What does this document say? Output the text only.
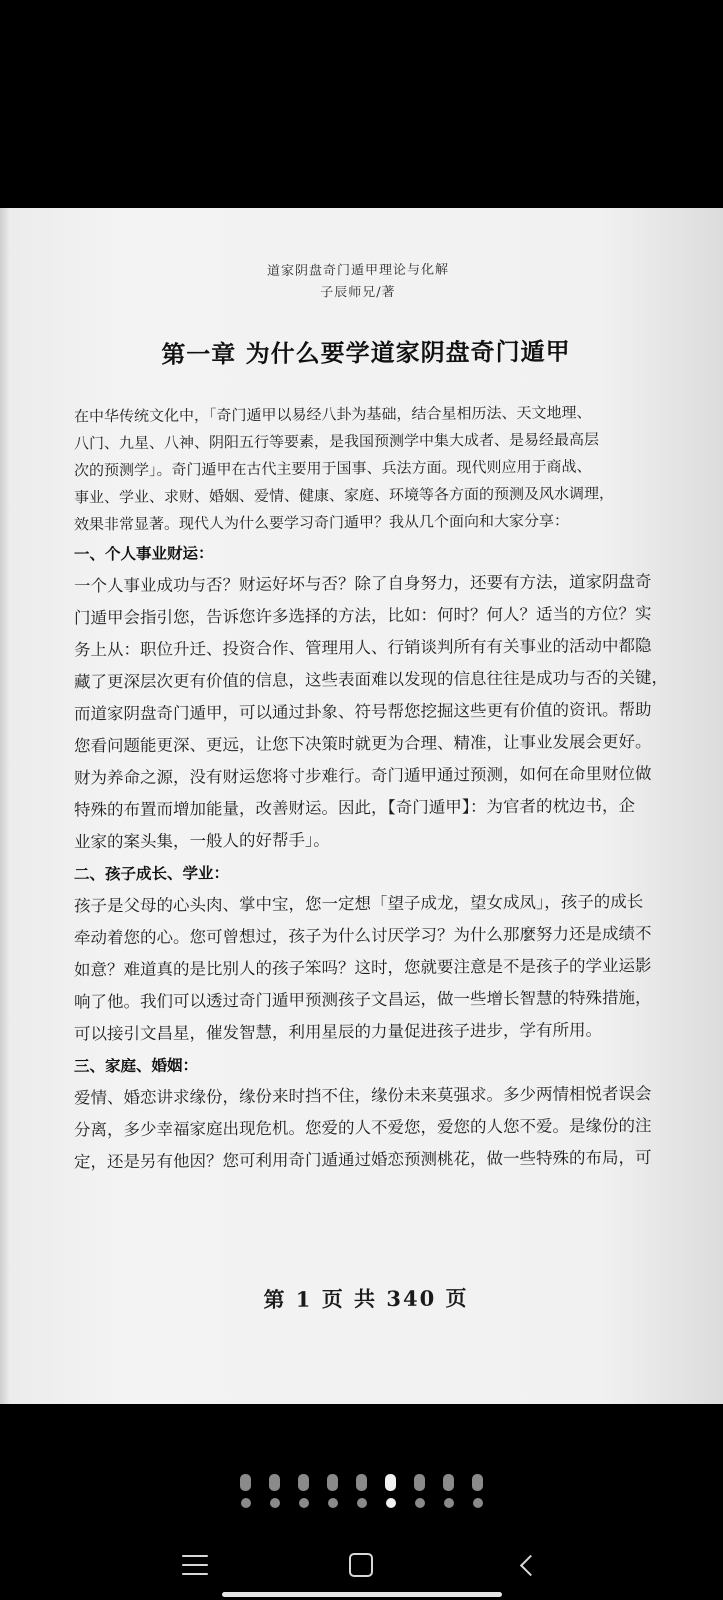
道家阴盘奇门遁甲理论与化解
子辰师兄/著
第一章 为什么要学道家阴盘奇门遁甲
在中华传统文化中，「奇门遁甲以易经八卦为基础，结合星相历法、天文地理、
八门、九星、八神、阴阳五行等要素，是我国预测学中集大成者、是易经最高层
次的预测学」。奇门遁甲在古代主要用于国事、兵法方面。现代则应用于商战、
事业、学业、求财、婚姻、爱情、健康、家庭、环境等各方面的预测及风水调理，
效果非常显著。现代人为什么要学习奇门遁甲？我从几个面向和大家分享：
一、个人事业财运：
一个人事业成功与否？财运好坏与否？除了自身努力，还要有方法，道家阴盘奇
门遁甲会指引您，告诉您许多选择的方法，比如：何时？何人？适当的方位？实
务上从：职位升迁、投资合作、管理用人、行销谈判所有有关事业的活动中都隐
藏了更深层次更有价值的信息，这些表面难以发现的信息往往是成功与否的关键，
而道家阴盘奇门遁甲，可以通过卦象、符号帮您挖掘这些更有价值的资讯。帮助
您看问题能更深、更远，让您下决策时就更为合理、精准，让事业发展会更好。
财为养命之源，没有财运您将寸步难行。奇门遁甲通过预测，如何在命里财位做
特殊的布置而增加能量，改善财运。因此，【奇门遁甲】：为官者的枕边书，企
业家的案头集，一般人的好帮手」。
二、孩子成长、学业：
孩子是父母的心头肉、掌中宝，您一定想「望子成龙，望女成凤」，孩子的成长
牵动着您的心。您可曾想过，孩子为什么讨厌学习？为什么那麼努力还是成绩不
如意？难道真的是比别人的孩子笨吗？这时，您就要注意是不是孩子的学业运影
响了他。我们可以透过奇门遁甲预测孩子文昌运，做一些增长智慧的特殊措施，
可以接引文昌星，催发智慧，利用星辰的力量促进孩子进步，学有所用。
三、家庭、婚姻：
爱情、婚恋讲求缘份，缘份来时挡不住，缘份未来莫强求。多少两情相悦者误会
分离，多少幸福家庭出现危机。您爱的人不爱您，爱您的人您不爱。是缘份的注
定，还是另有他因？您可利用奇门遁通过婚恋预测桃花，做一些特殊的布局，可
第 1 页 共 340 页
